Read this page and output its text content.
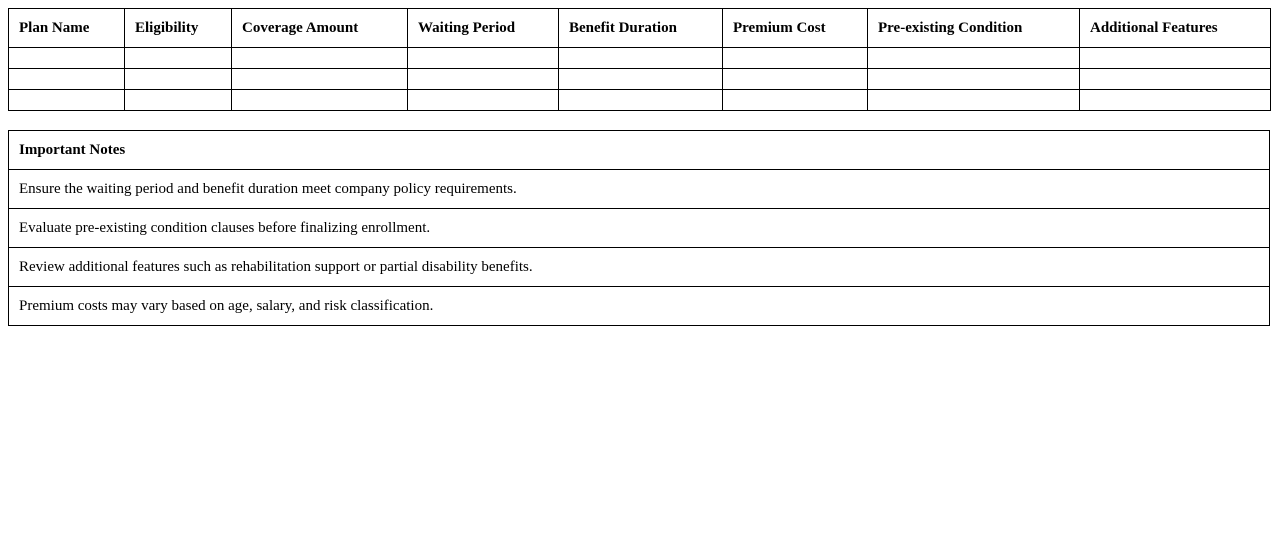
Plan Name	Eligibility	Coverage Amount	Waiting Period	Benefit Duration	Premium Cost	Pre-existing Condition	Additional Features

Important Notes
Ensure the waiting period and benefit duration meet company policy requirements.
Evaluate pre-existing condition clauses before finalizing enrollment.
Review additional features such as rehabilitation support or partial disability benefits.
Premium costs may vary based on age, salary, and risk classification.
